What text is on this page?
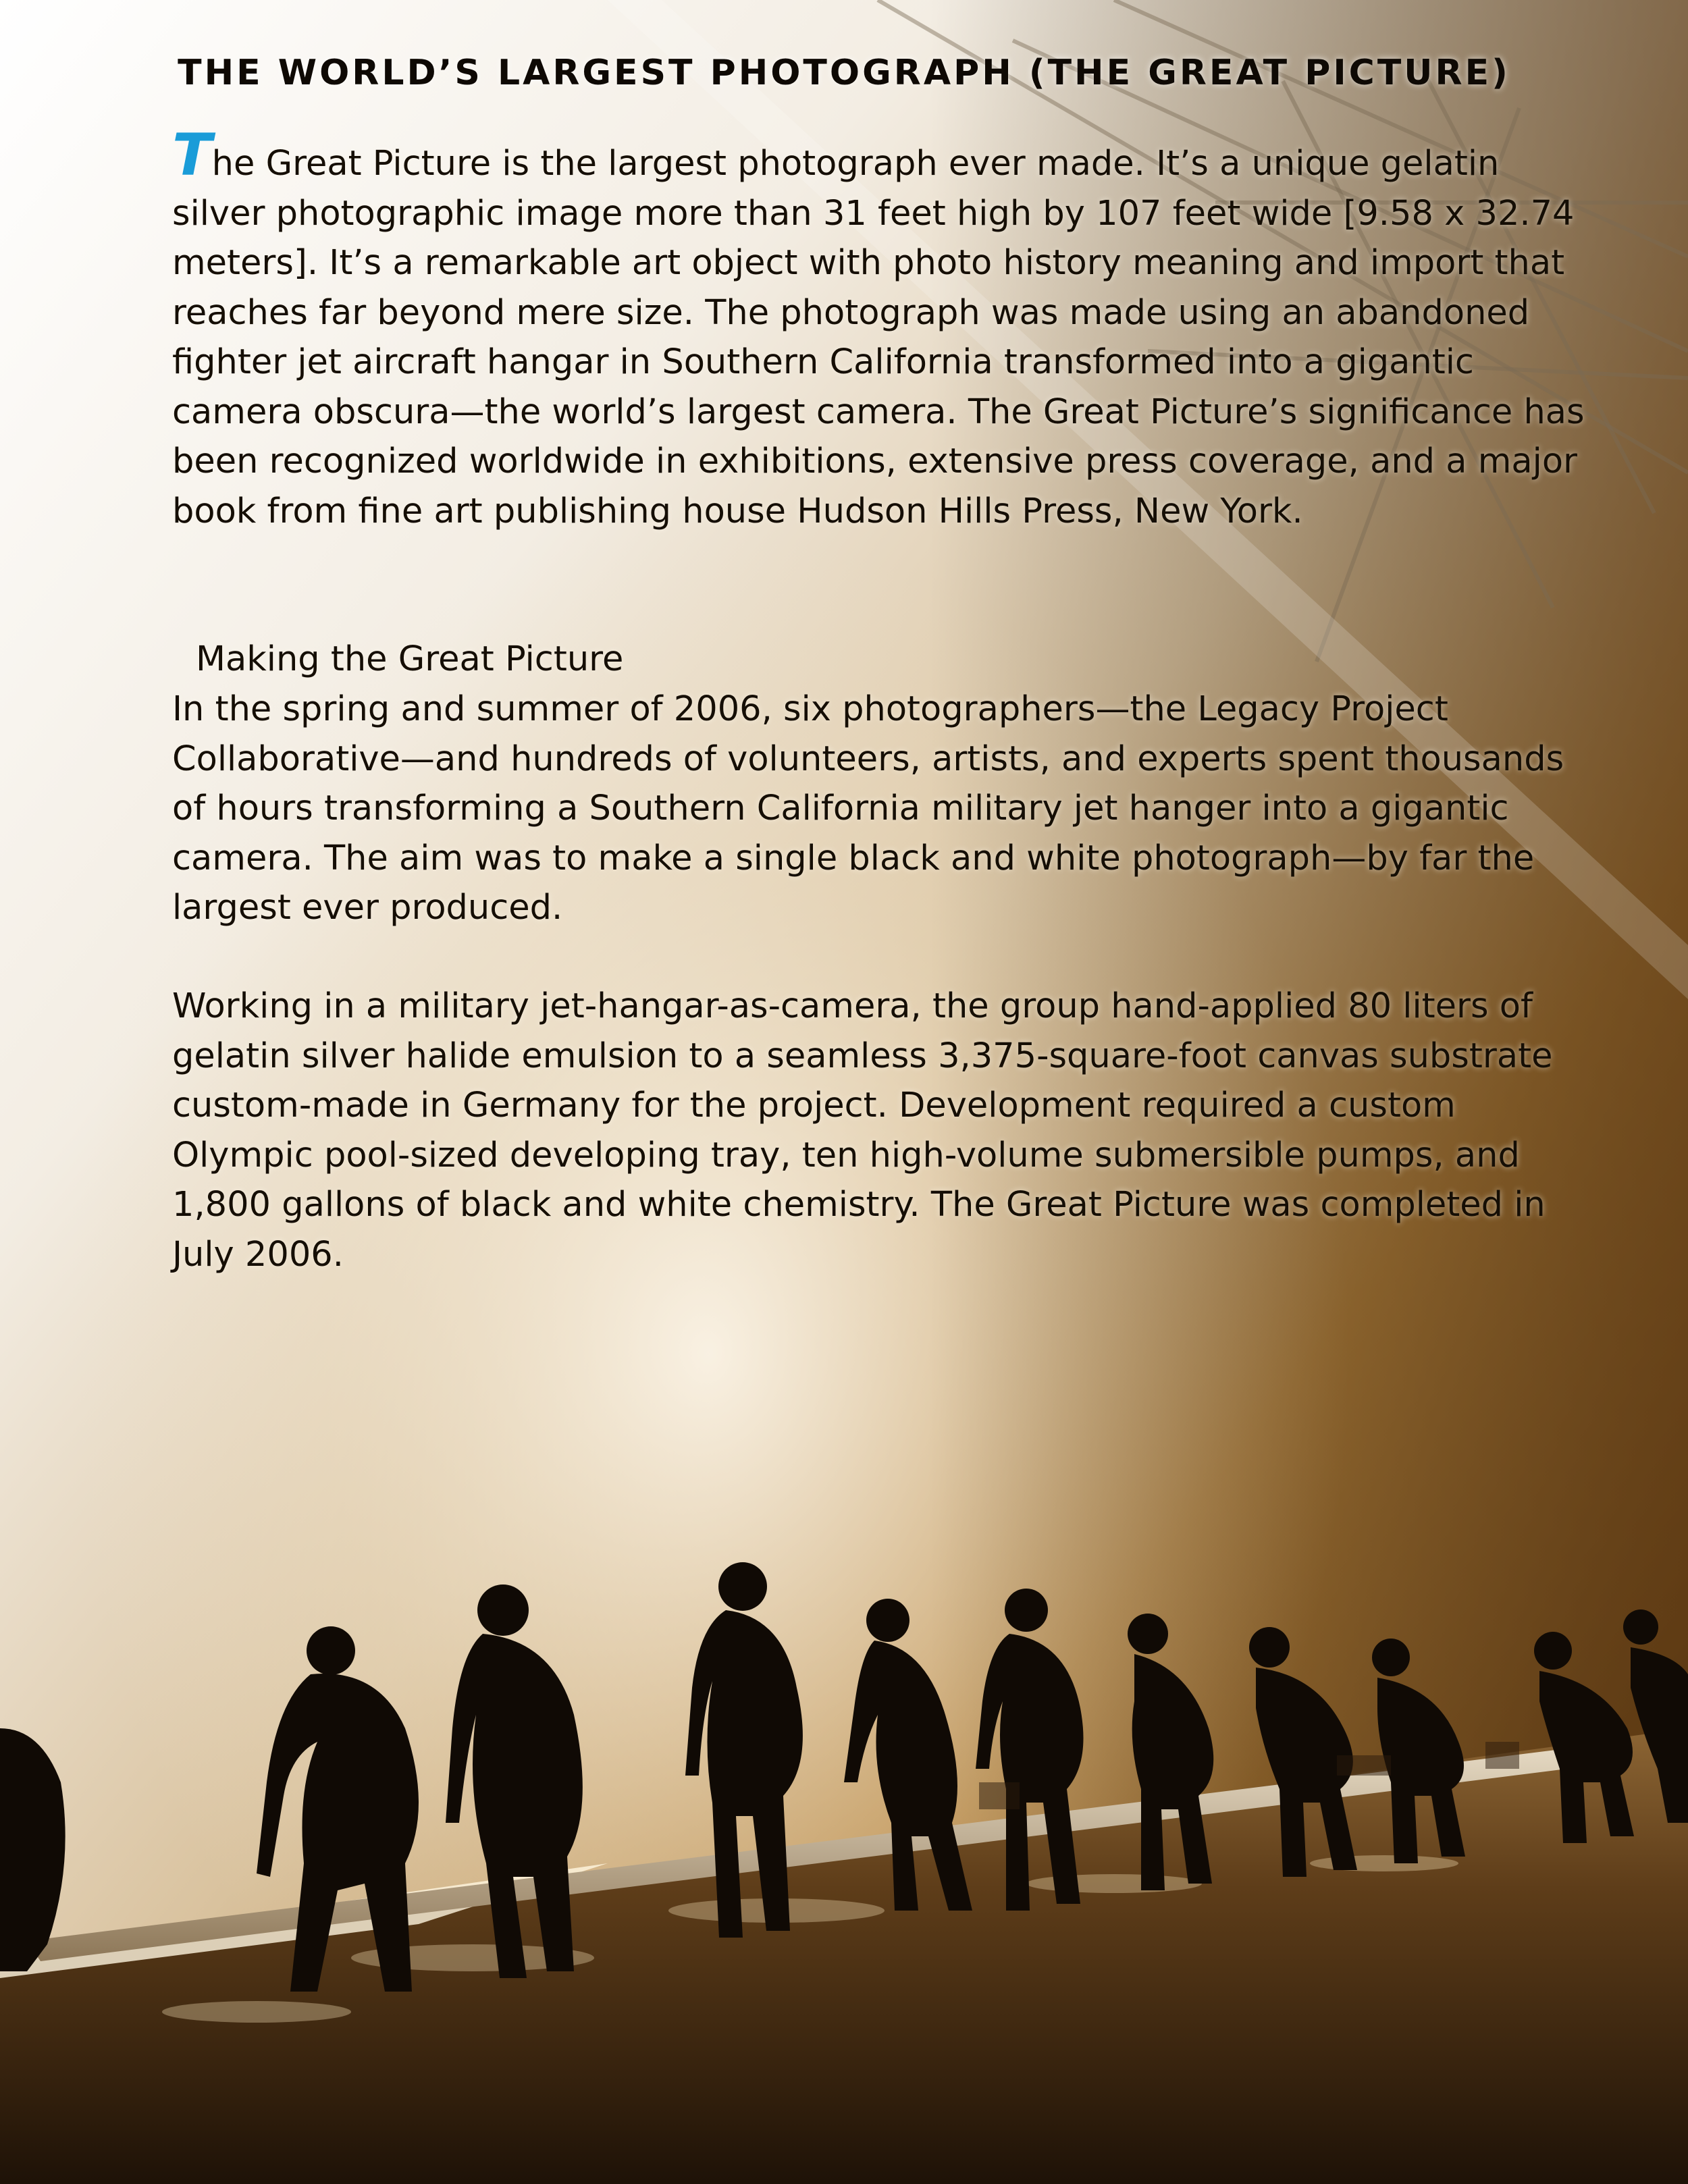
THE WORLD’S LARGEST PHOTOGRAPH (THE GREAT PICTURE)
The Great Picture is the largest photograph ever made. It’s a unique gelatin silver photographic image more than 31 feet high by 107 feet wide [9.58 x 32.74 meters]. It’s a remarkable art object with photo history meaning and import that reaches far beyond mere size. The photograph was made using an abandoned fighter jet aircraft hangar in Southern California transformed into a gigantic camera obscura—the world’s largest camera. The Great Picture’s significance has been recognized worldwide in exhibitions, extensive press coverage, and a major book from fine art publishing house Hudson Hills Press, New York.
Making the Great Picture
In the spring and summer of 2006, six photographers—the Legacy Project Collaborative—and hundreds of volunteers, artists, and experts spent thousands of hours transforming a Southern California military jet hanger into a gigantic camera. The aim was to make a single black and white photograph—by far the largest ever produced.
Working in a military jet-hangar-as-camera, the group hand-applied 80 liters of gelatin silver halide emulsion to a seamless 3,375-square-foot canvas substrate custom-made in Germany for the project. Development required a custom Olympic pool-sized developing tray, ten high-volume submersible pumps, and 1,800 gallons of black and white chemistry. The Great Picture was completed in July 2006.
